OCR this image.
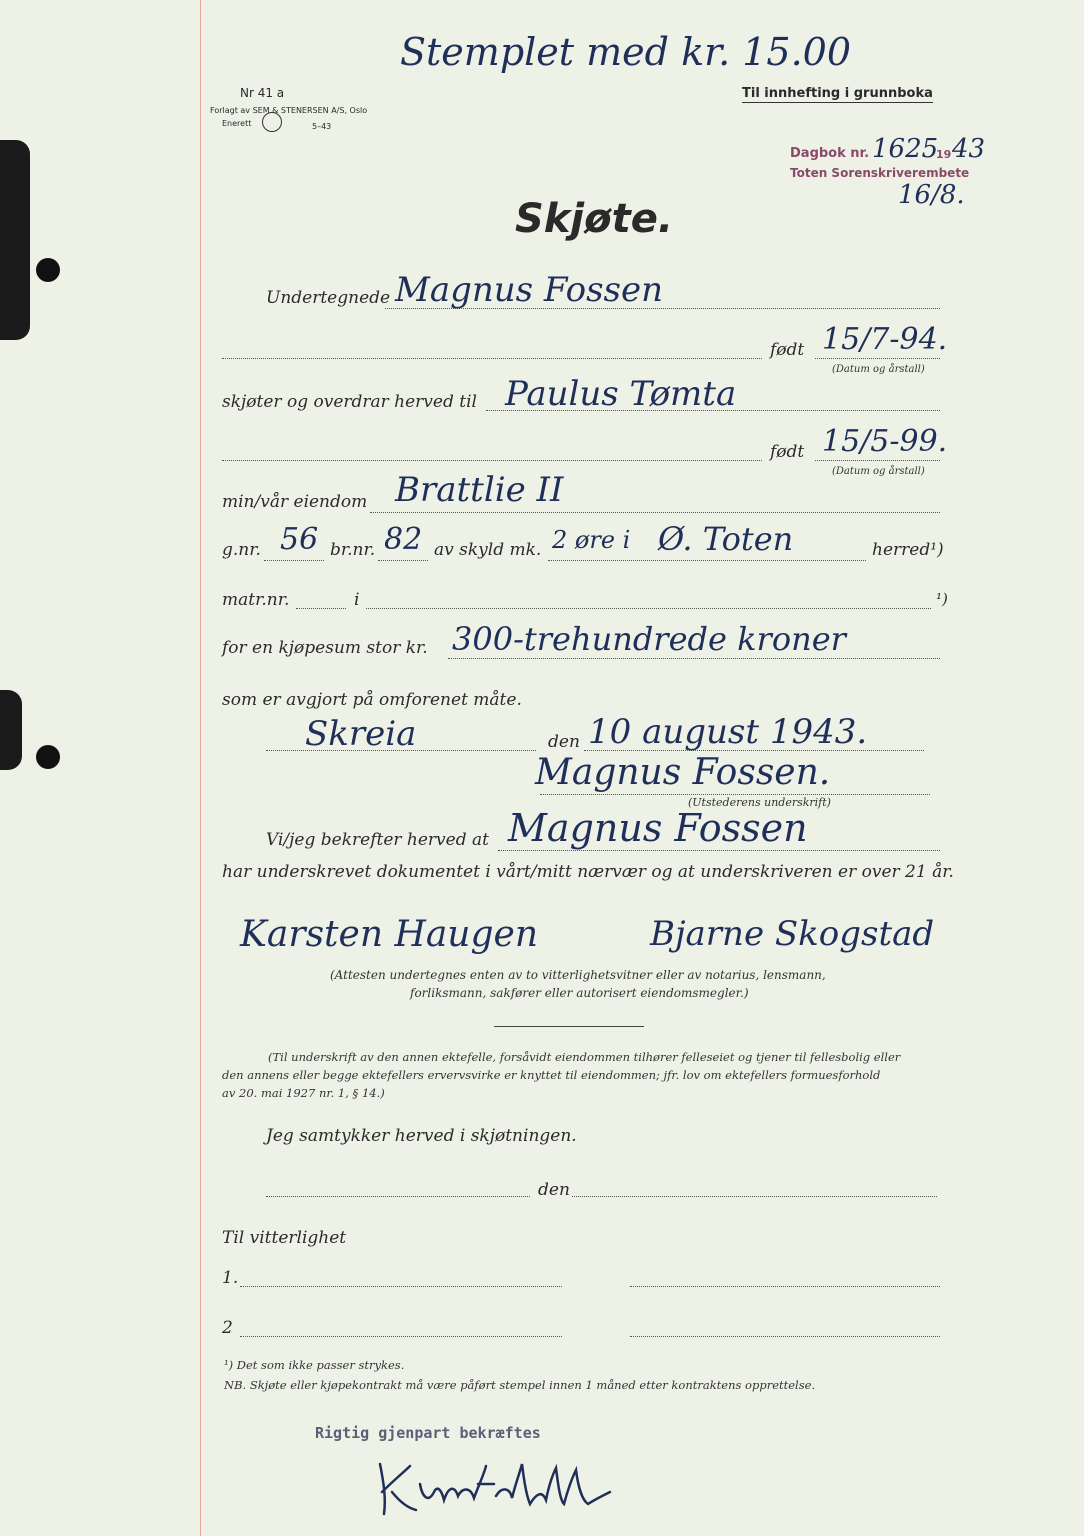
Stemplet med kr. 15.00
Nr 41 a
Forlagt av SEM & STENERSEN A/S, Oslo
Enerett	5–43
Til innhefting i grunnboka
Dagbok nr. 1625
19 43
Toten Sorenskriverembete
16/8.
Skjøte.
Undertegnede Magnus Fossen
født 15/7-94.
(Datum og årstall)
skjøter og overdrar herved til Paulus Tømta
født 15/5-99.
(Datum og årstall)
min/vår eiendom Brattlie II
g.nr. 56 br.nr. 82 av skyld mk. 2 øre i Ø. Toten	herred¹)
matr.nr.	i	¹)
for en kjøpesum stor kr. 300-trehundrede kroner
som er avgjort på omforenet måte.
Skreia	den 10 august 1943.
Magnus Fossen.
(Utstederens underskrift)
Vi/jeg bekrefter herved at Magnus Fossen
har underskrevet dokumentet i vårt/mitt nærvær og at underskriveren er over 21 år.
Karsten Haugen	Bjarne Skogstad
(Attesten undertegnes enten av to vitterlighetsvitner eller av notarius, lensmann,
forliksmann, sakfører eller autorisert eiendomsmegler.)
(Til underskrift av den annen ektefelle, forsåvidt eiendommen tilhører felleseiet og tjener til fellesbolig eller
den annens eller begge ektefellers ervervsvirke er knyttet til eiendommen; jfr. lov om ektefellers formuesforhold
av 20. mai 1927 nr. 1, § 14.)
Jeg samtykker herved i skjøtningen.
den
Til vitterlighet
1.
2
¹) Det som ikke passer strykes.
NB. Skjøte eller kjøpekontrakt må være påført stempel innen 1 måned etter kontraktens opprettelse.
Rigtig gjenpart bekræftes
